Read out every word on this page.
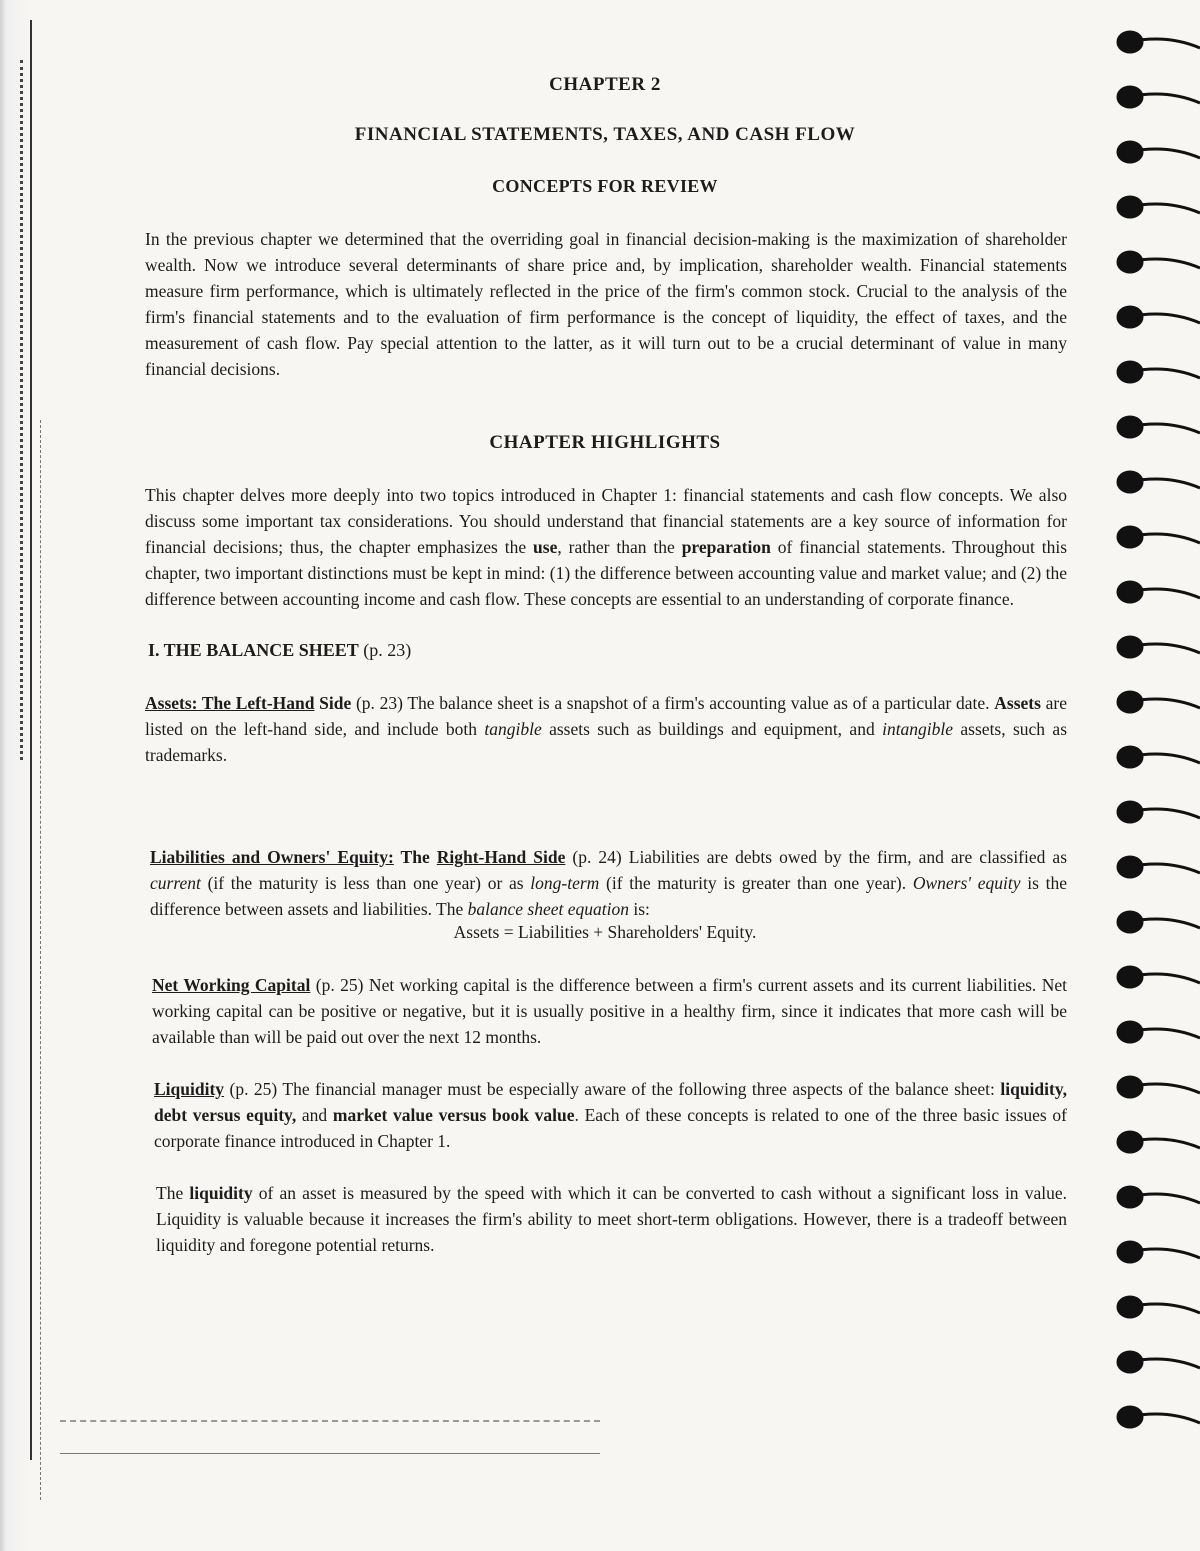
CHAPTER 2
FINANCIAL STATEMENTS, TAXES, AND CASH FLOW
CONCEPTS FOR REVIEW

In the previous chapter we determined that the overriding goal in financial decision-making is the maximization of shareholder wealth. Now we introduce several determinants of share price and, by implication, shareholder wealth. Financial statements measure firm performance, which is ultimately reflected in the price of the firm's common stock. Crucial to the analysis of the firm's financial statements and to the evaluation of firm performance is the concept of liquidity, the effect of taxes, and the measurement of cash flow. Pay special attention to the latter, as it will turn out to be a crucial determinant of value in many financial decisions.

CHAPTER HIGHLIGHTS

This chapter delves more deeply into two topics introduced in Chapter 1: financial statements and cash flow concepts. We also discuss some important tax considerations. You should understand that financial statements are a key source of information for financial decisions; thus, the chapter emphasizes the use, rather than the preparation of financial statements. Throughout this chapter, two important distinctions must be kept in mind: (1) the difference between accounting value and market value; and (2) the difference between accounting income and cash flow. These concepts are essential to an understanding of corporate finance.

I. THE BALANCE SHEET (p. 23)

Assets: The Left-Hand Side (p. 23) The balance sheet is a snapshot of a firm's accounting value as of a particular date. Assets are listed on the left-hand side, and include both tangible assets such as buildings and equipment, and intangible assets, such as trademarks.

Liabilities and Owners' Equity: The Right-Hand Side (p. 24) Liabilities are debts owed by the firm, and are classified as current (if the maturity is less than one year) or as long-term (if the maturity is greater than one year). Owners' equity is the difference between assets and liabilities. The balance sheet equation is:

Assets = Liabilities + Shareholders' Equity.

Net Working Capital (p. 25) Net working capital is the difference between a firm's current assets and its current liabilities. Net working capital can be positive or negative, but it is usually positive in a healthy firm, since it indicates that more cash will be available than will be paid out over the next 12 months.

Liquidity (p. 25) The financial manager must be especially aware of the following three aspects of the balance sheet: liquidity, debt versus equity, and market value versus book value. Each of these concepts is related to one of the three basic issues of corporate finance introduced in Chapter 1.

The liquidity of an asset is measured by the speed with which it can be converted to cash without a significant loss in value. Liquidity is valuable because it increases the firm's ability to meet short-term obligations. However, there is a tradeoff between liquidity and foregone potential returns.
